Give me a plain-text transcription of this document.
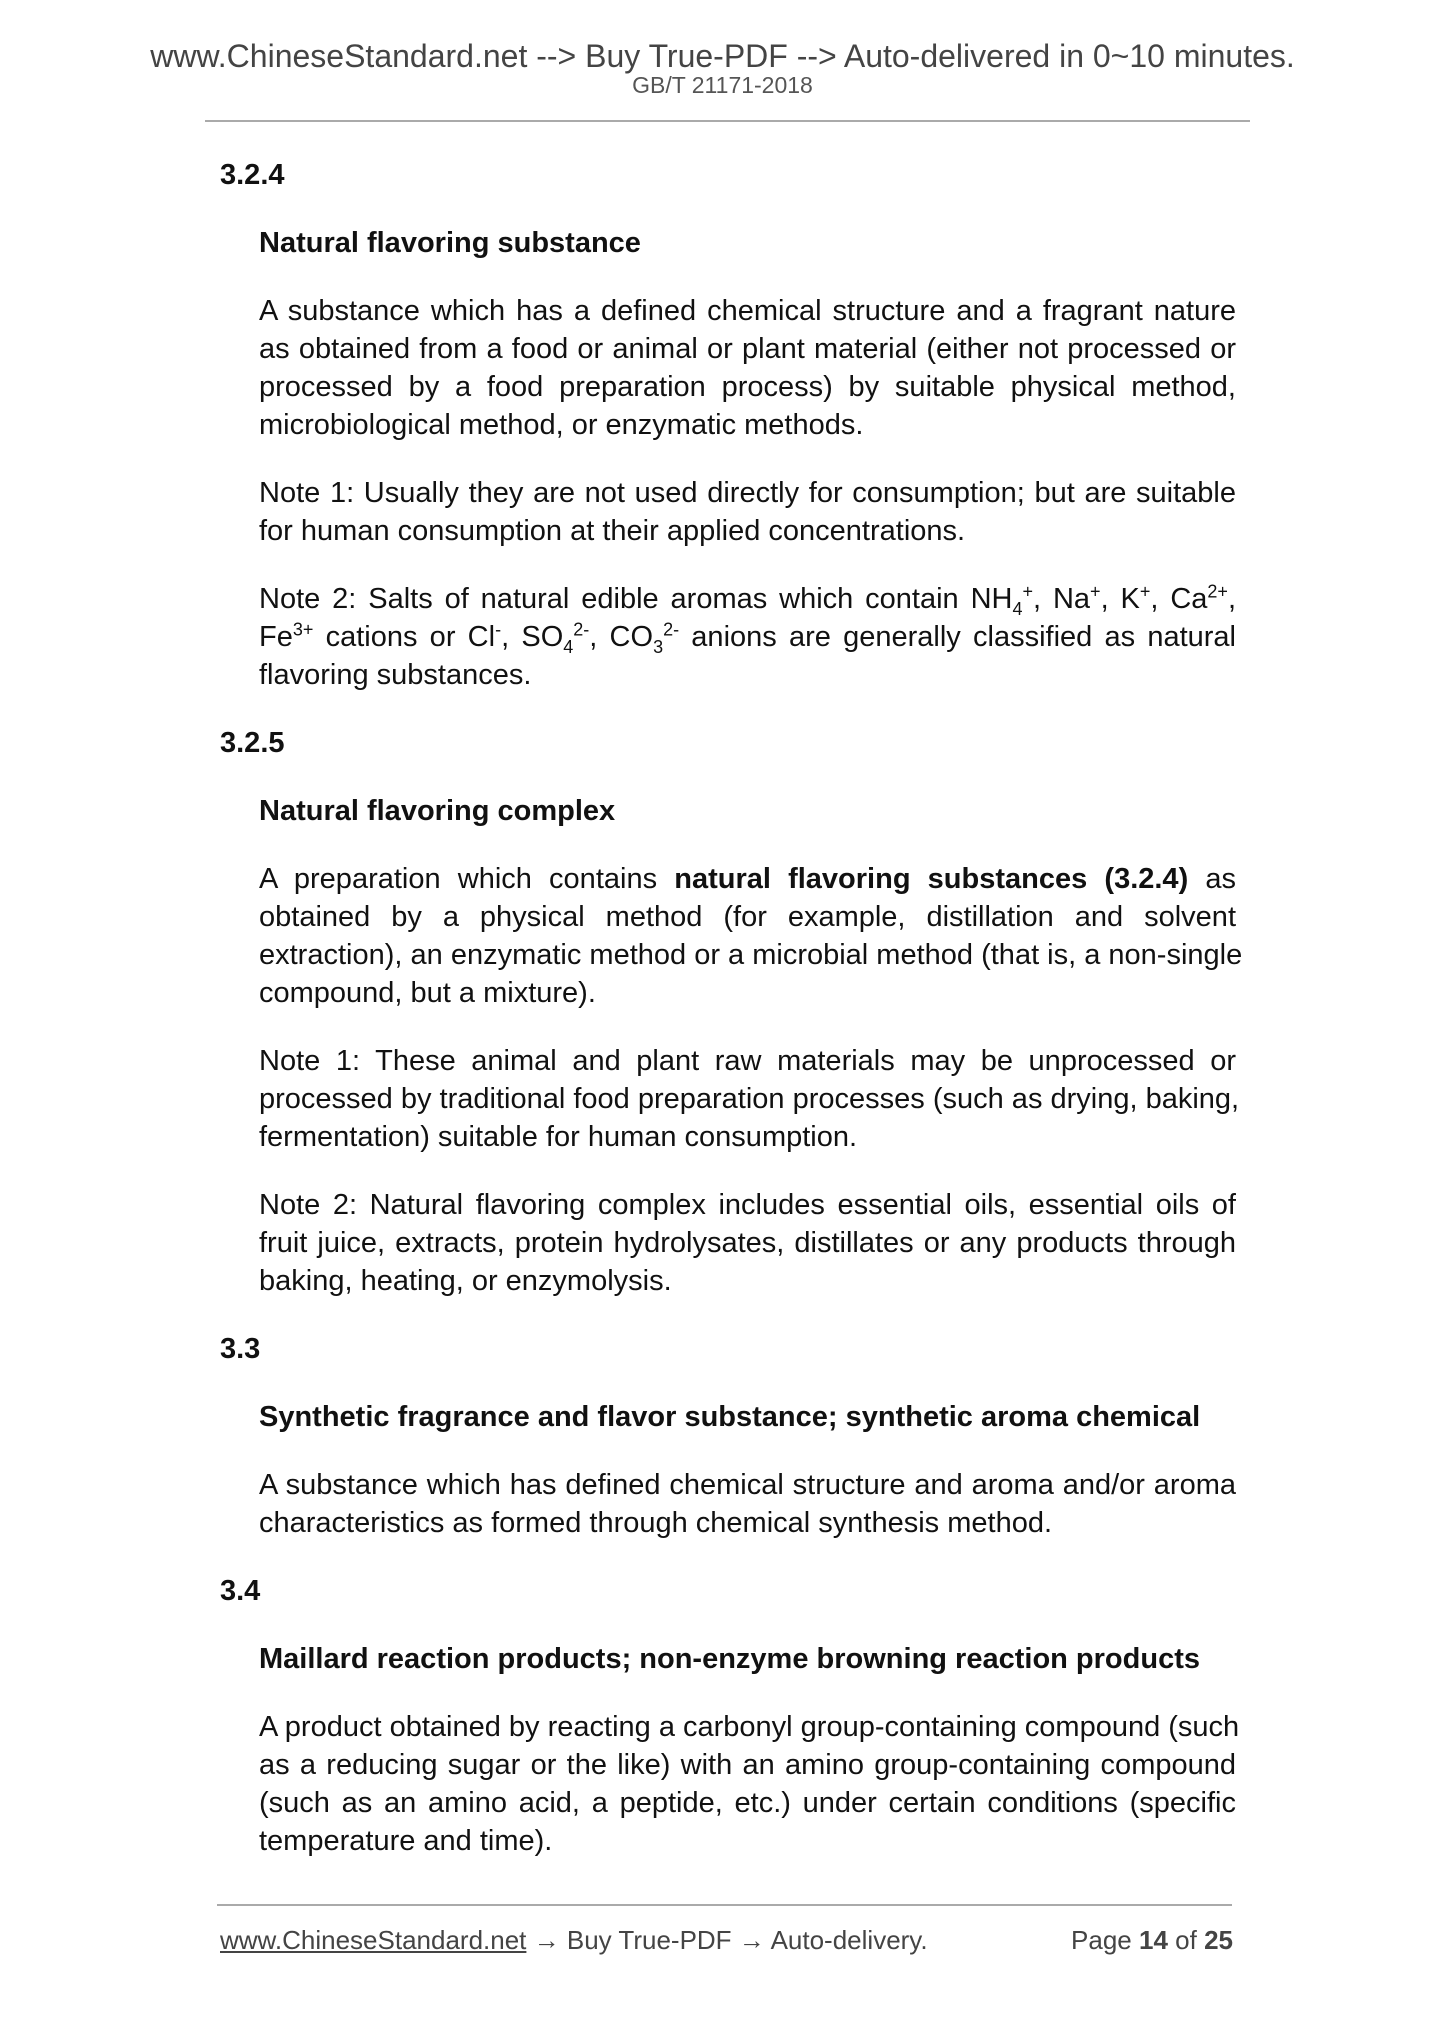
www.ChineseStandard.net --> Buy True-PDF --> Auto-delivered in 0~10 minutes.
GB/T 21171-2018
3.2.4
Natural flavoring substance
A substance which has a defined chemical structure and a fragrant nature
as obtained from a food or animal or plant material (either not processed or
processed by a food preparation process) by suitable physical method,
microbiological method, or enzymatic methods.
Note 1: Usually they are not used directly for consumption; but are suitable
for human consumption at their applied concentrations.
Note 2: Salts of natural edible aromas which contain $NH_4^+$, Na+, K+, $Ca^{2+}$,
$Fe^{3+}$ cations or Cl-, $SO_4^{2-}$, $CO_3^{2-}$ anions are generally classified as natural
flavoring substances.
3.2.5
Natural flavoring complex
A preparation which contains natural flavoring substances (3.2.4) as
obtained by a physical method (for example, distillation and solvent
extraction), an enzymatic method or a microbial method (that is, a non-single
compound, but a mixture).
Note 1: These animal and plant raw materials may be unprocessed or
processed by traditional food preparation processes (such as drying, baking,
fermentation) suitable for human consumption.
Note 2: Natural flavoring complex includes essential oils, essential oils of
fruit juice, extracts, protein hydrolysates, distillates or any products through
baking, heating, or enzymolysis.
3.3
Synthetic fragrance and flavor substance; synthetic aroma chemical
A substance which has defined chemical structure and aroma and/or aroma
characteristics as formed through chemical synthesis method.
3.4
Maillard reaction products; non-enzyme browning reaction products
A product obtained by reacting a carbonyl group-containing compound (such
as a reducing sugar or the like) with an amino group-containing compound
(such as an amino acid, a peptide, etc.) under certain conditions (specific
temperature and time).
www.ChineseStandard.net → Buy True-PDF → Auto-delivery.	Page 14 of 25
